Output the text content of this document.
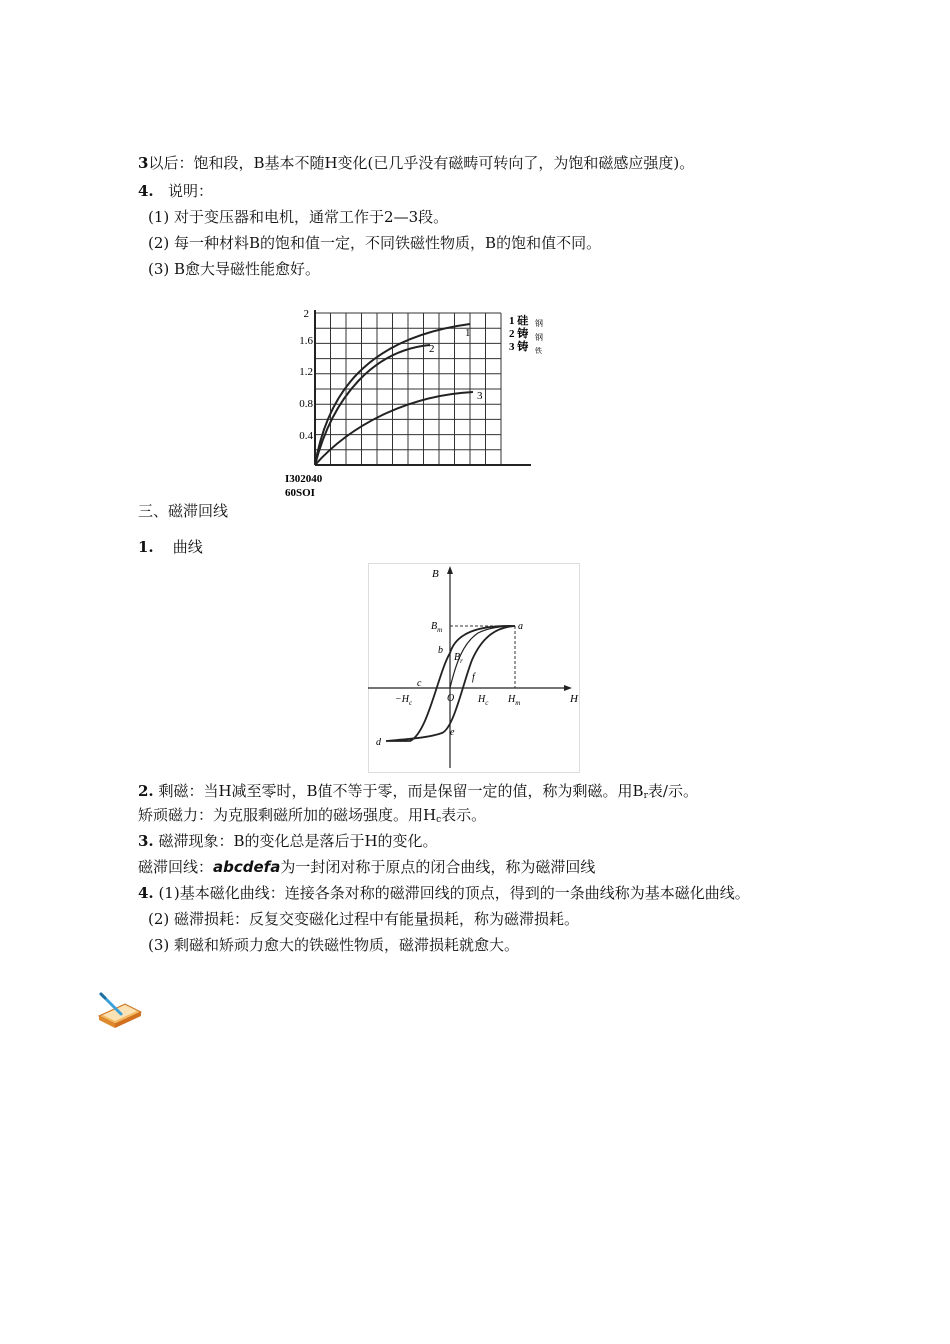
3以后：饱和段，B基本不随H变化(已几乎没有磁畴可转向了，为饱和磁感应强度)。
4. 说明：
(1) 对于变压器和电机，通常工作于2—3段。
(2) 每一种材料B的饱和值一定，不同铁磁性物质，B的饱和值不同。
(3) B愈大导磁性能愈好。
2
1.6
1.2
0.8
0.4
1
2
3
1 硅
2 铸
3 铸
钢
钢
铁
I302040
60SOI
三、磁滞回线
1. 曲线
B
H
$B_m$	a
b
$B_r$
c
d
e
f
O
$-H_c$	$H_c$ $H_m$
2. 剩磁：当H减至零时，B值不等于零，而是保留一定的值，称为剩磁。用$B_r$表/示。
矫顽磁力：为克服剩磁所加的磁场强度。用$H_c$表示。
3. 磁滞现象：B的变化总是落后于H的变化。
磁滞回线：abcdefa为一封闭对称于原点的闭合曲线，称为磁滞回线
4. (1)基本磁化曲线：连接各条对称的磁滞回线的顶点，得到的一条曲线称为基本磁化曲线。
(2) 磁滞损耗：反复交变磁化过程中有能量损耗，称为磁滞损耗。
(3) 剩磁和矫顽力愈大的铁磁性物质，磁滞损耗就愈大。
